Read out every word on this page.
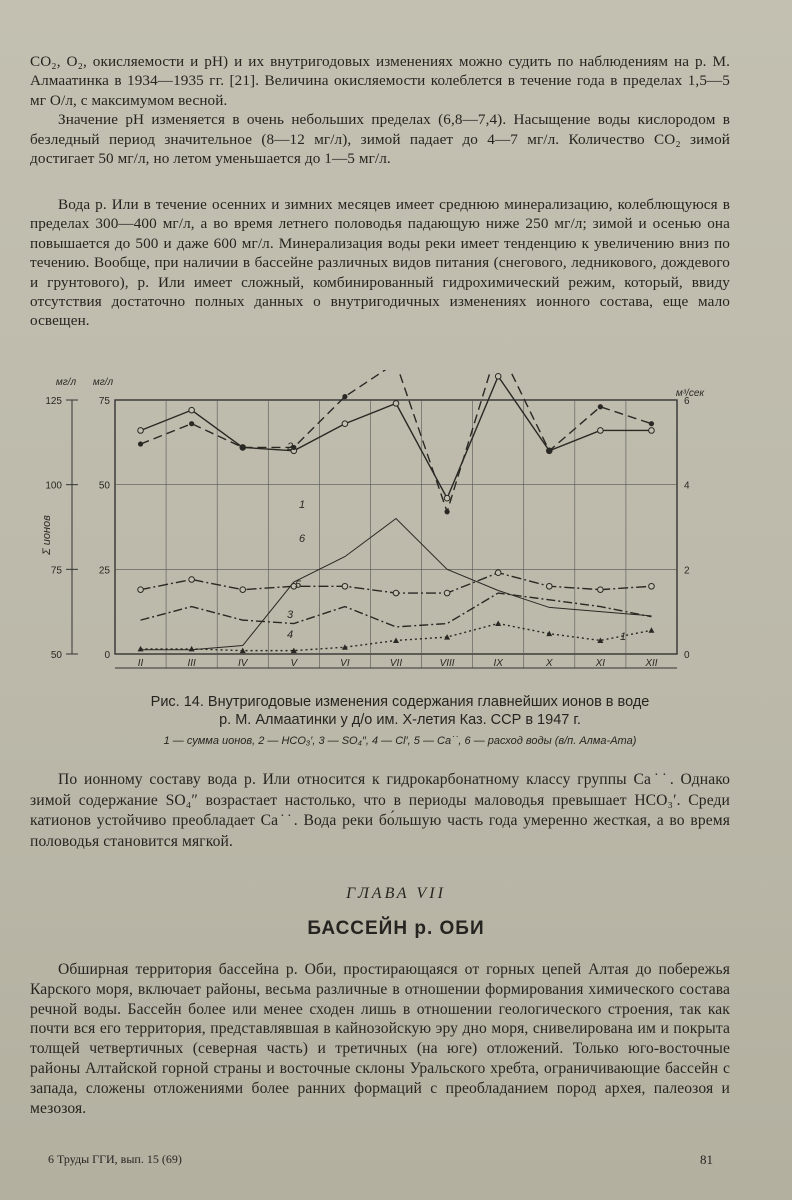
CO₂, O₂, окисляемости и pH) и их внутригодовых изменениях можно судить по наблюдениям на р. М. Алмаатинка в 1934—1935 гг. [21]. Величина окисляемости колеблется в течение года в пределах 1,5—5 мг O/л, с максимумом весной.

Значение pH изменяется в очень небольших пределах (6,8—7,4). Насыщение воды кислородом в безледный период значительное (8—12 мг/л), зимой падает до 4—7 мг/л. Количество CO₂ зимой достигает 50 мг/л, но летом уменьшается до 1—5 мг/л.

Вода р. Или в течение осенних и зимних месяцев имеет среднюю минерализацию, колеблющуюся в пределах 300—400 мг/л, а во время летнего половодья падающую ниже 250 мг/л; зимой и осенью она повышается до 500 и даже 600 мг/л. Минерализация воды реки имеет тенденцию к увеличению вниз по течению. Вообще, при наличии в бассейне различных видов питания (снегового, ледникового, дождевого и грунтового), р. Или имеет сложный, комбинированный гидрохимический режим, который, ввиду отсутствия достаточно полных данных о внутригодичных изменениях ионного состава, еще мало освещен.

мг/л мг/л
м³/сек
125
100
75
50
75
50
25
0
6
4
2
0
Σ ионов
II	III	IV	V	VI	VII	VIII	IX	X	XI	XII
1
2
3
4
5
6
1
Рис. 14. Внутригодовые изменения содержания главнейших ионов в воде
р. М. Алмаатинки у д/о им. X-летия Каз. ССР в 1947 г.
1 — сумма ионов, 2 — HCO₃′, 3 — SO₄″, 4 — Cl′, 5 — Ca˙˙, 6 — расход воды (в/п. Алма-Ата)

По ионному составу вода р. Или относится к гидрокарбонатному классу группы Ca˙˙. Однако зимой содержание SO₄″ возрастает настолько, что в периоды маловодья превышает HCO₃′. Среди катионов устойчиво преобладает Ca˙˙. Вода реки бо́льшую часть года умеренно жесткая, а во время половодья становится мягкой.

ГЛАВА VII
БАССЕЙН р. ОБИ

Обширная территория бассейна р. Оби, простирающаяся от горных цепей Алтая до побережья Карского моря, включает районы, весьма различные в отношении формирования химического состава речной воды. Бассейн более или менее сходен лишь в отношении геологического строения, так как почти вся его территория, представлявшая в кайнозойскую эру дно моря, снивелирована им и покрыта толщей четвертичных (северная часть) и третичных (на юге) отложений. Только юго-восточные районы Алтайской горной страны и восточные склоны Уральского хребта, ограничивающие бассейн с запада, сложены отложениями более ранних формаций с преобладанием пород архея, палеозоя и мезозоя.

6 Труды ГГИ, вып. 15 (69)	81
